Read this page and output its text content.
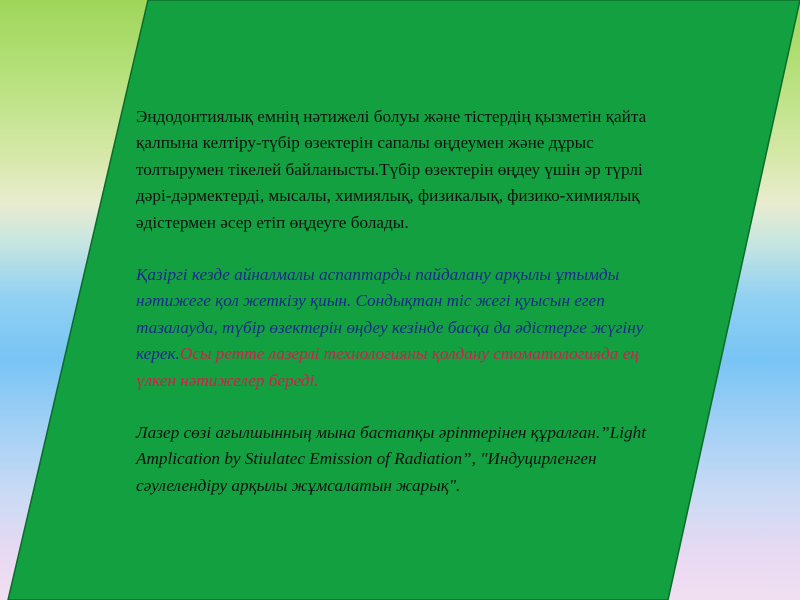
Эндодонтиялық емнің нәтижелі болуы және тістердің қызметін қайта қалпына келтіру-түбір өзектерін сапалы өңдеумен және дұрыс толтырумен тікелей байланысты.Түбір өзектерін өңдеу үшін әр түрлі дәрі-дәрмектерді, мысалы, химиялық, физикалық, физико-химиялық әдістермен әсер етіп өңдеуге болады.

Қазіргі кезде айналмалы аспаптарды пайдалану арқылы ұтымды нәтижеге қол жеткізу қиын. Сондықтан тіс жегі қуысын егеп тазалауда, түбір өзектерін өңдеу кезінде басқа да әдістерге жүгіну керек.Осы ретте лазерлі технологияны қолдану стоматологияда ең үлкен нәтижелер береді.

Лазер сөзі ағылшынның мына бастапқы әріптерінен құралған.”Light Amplication by Stiulatec Emission of Radiation”, "Индуцирленген сәулелендіру арқылы жұмсалатын жарық".
